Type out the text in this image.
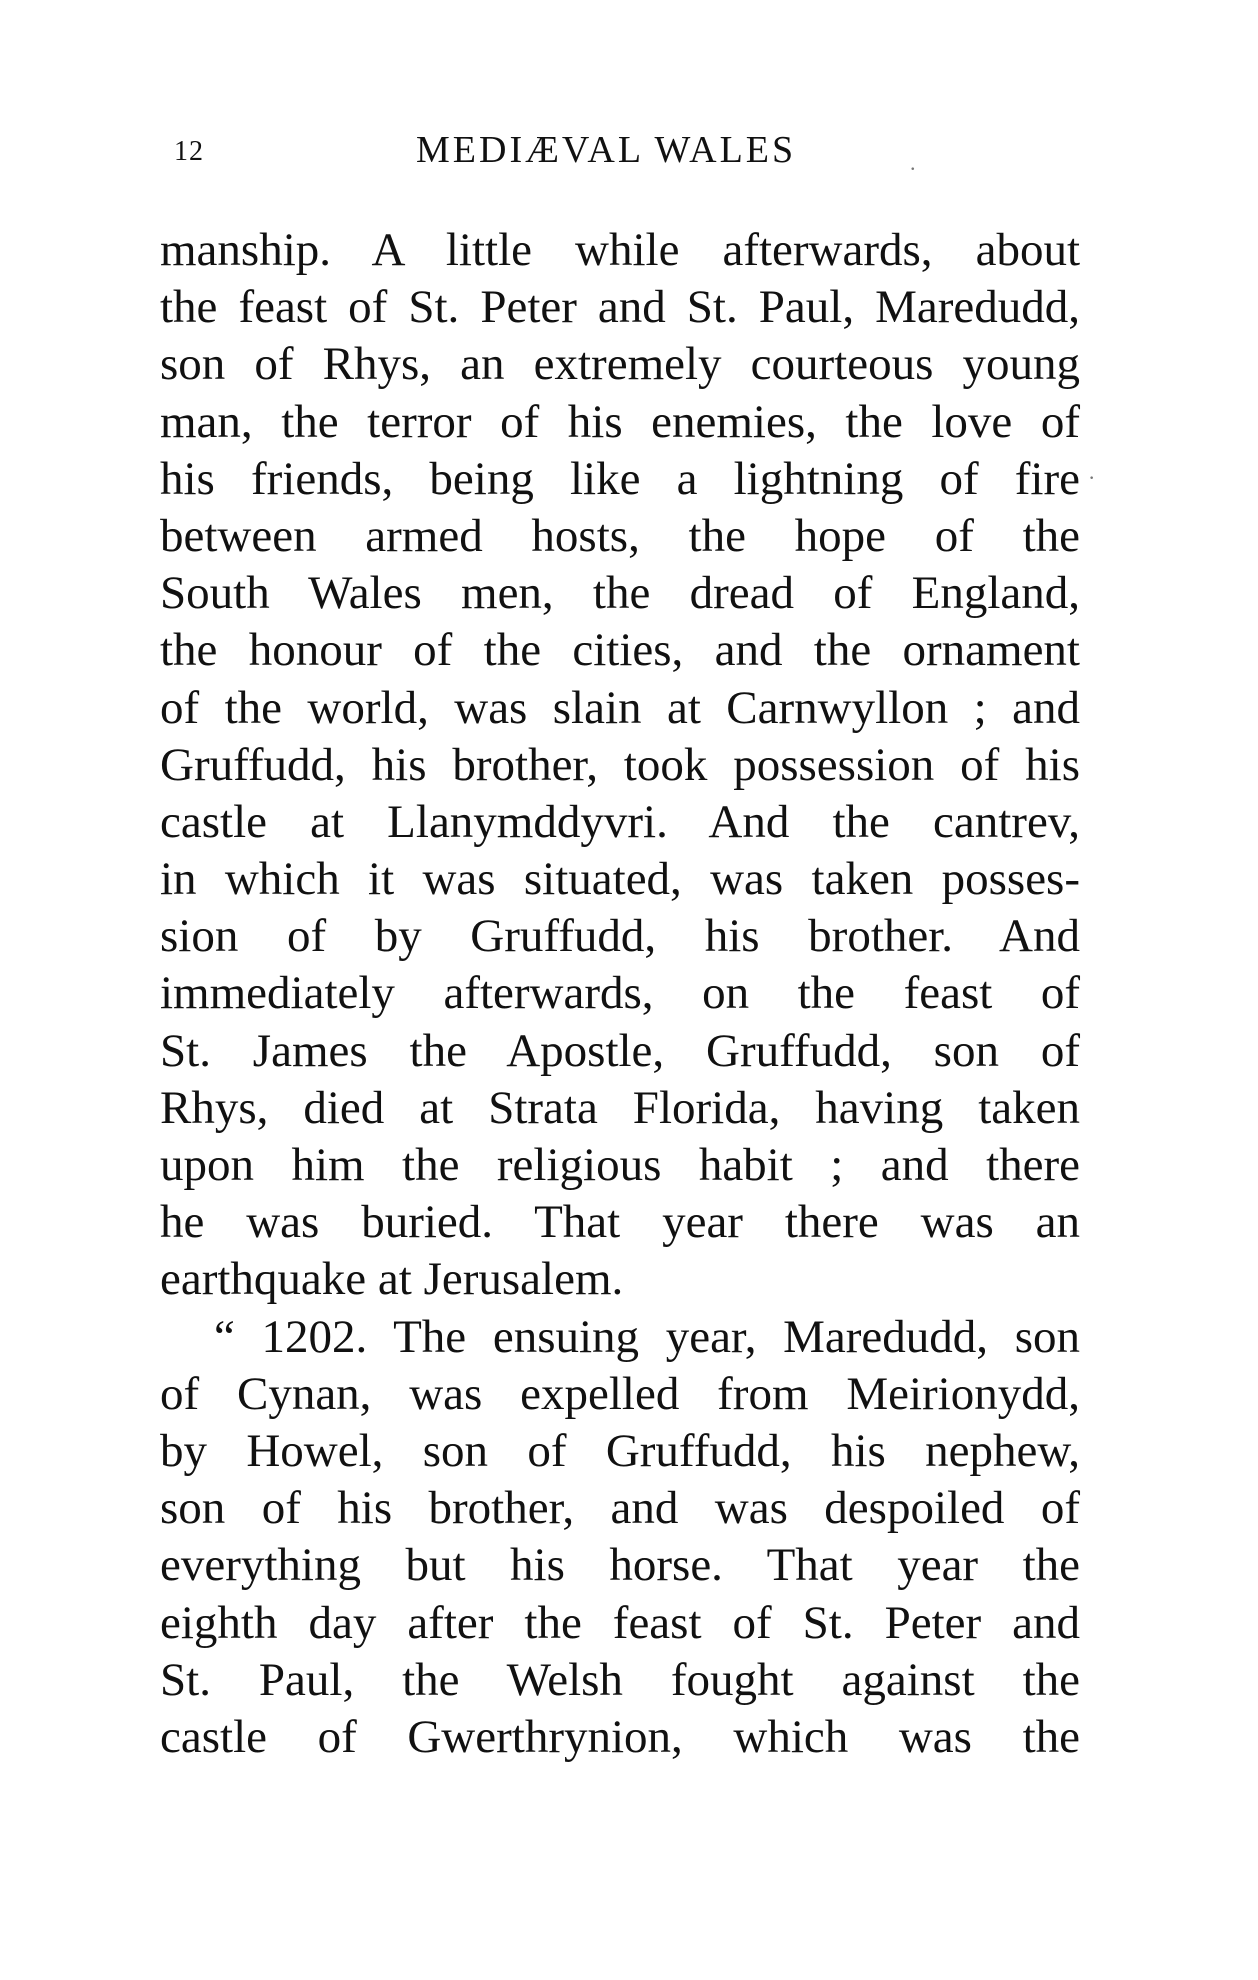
12	MEDIÆVAL WALES
manship. A little while afterwards, about
the feast of St. Peter and St. Paul, Maredudd,
son of Rhys, an extremely courteous young
man, the terror of his enemies, the love of
his friends, being like a lightning of fire
between armed hosts, the hope of the
South Wales men, the dread of England,
the honour of the cities, and the ornament
of the world, was slain at Carnwyllon ; and
Gruffudd, his brother, took possession of his
castle at Llanymddyvri. And the cantrev,
in which it was situated, was taken posses-
sion of by Gruffudd, his brother. And
immediately afterwards, on the feast of
St. James the Apostle, Gruffudd, son of
Rhys, died at Strata Florida, having taken
upon him the religious habit ; and there
he was buried. That year there was an
earthquake at Jerusalem.
“ 1202. The ensuing year, Maredudd, son
of Cynan, was expelled from Meirionydd,
by Howel, son of Gruffudd, his nephew,
son of his brother, and was despoiled of
everything but his horse. That year the
eighth day after the feast of St. Peter and
St. Paul, the Welsh fought against the
castle of Gwerthrynion, which was the
.
·
